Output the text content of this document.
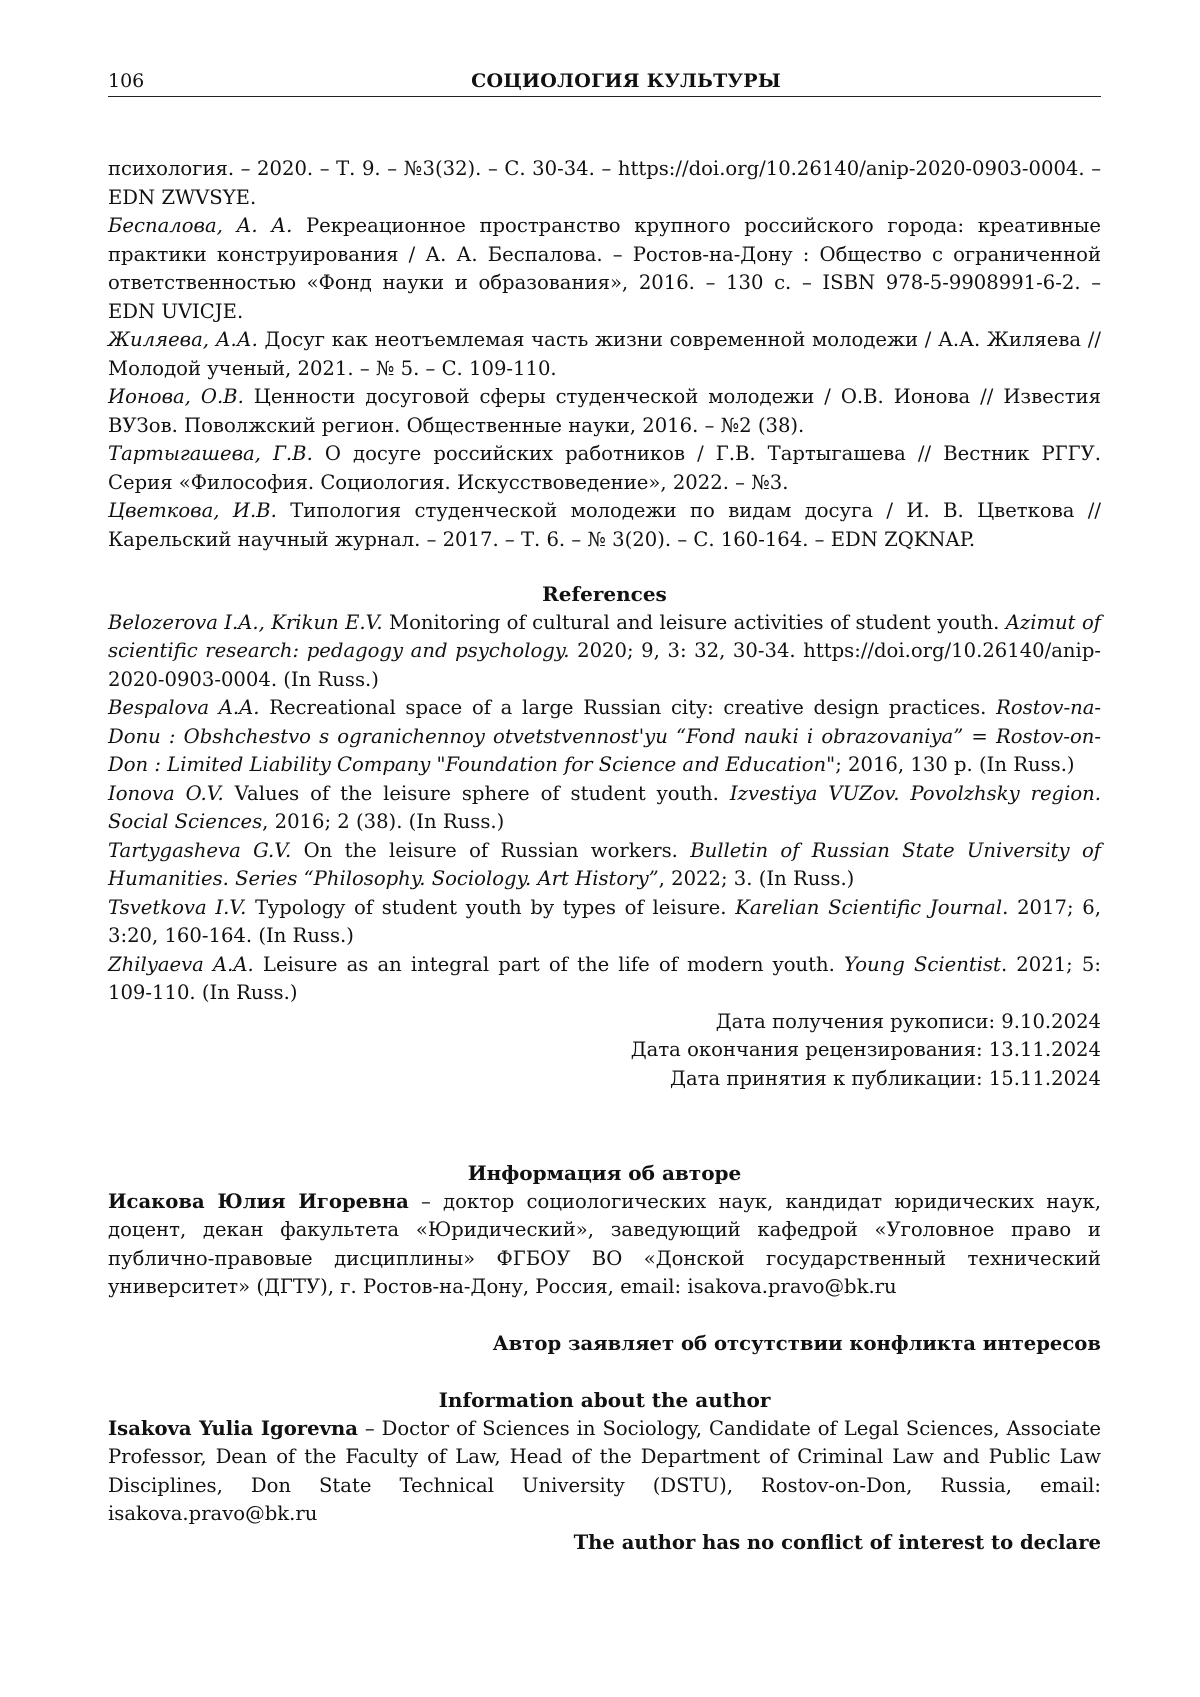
106	СОЦИОЛОГИЯ КУЛЬТУРЫ

психология. – 2020. – Т. 9. – №3(32). – С. 30-34. – https://doi.org/10.26140/anip-2020-0903-0004. – EDN ZWVSYE.

Беспалова, А. А. Рекреационное пространство крупного российского города: креативные практики конструирования / А. А. Беспалова. – Ростов-на-Дону : Общество с ограниченной ответственностью «Фонд науки и образования», 2016. – 130 с. – ISBN 978-5-9908991-6-2. – EDN UVICJE.

Жиляева, А.А. Досуг как неотъемлемая часть жизни современной молодежи / А.А. Жиляева // Молодой ученый, 2021. – № 5. – С. 109-110.

Ионова, О.В. Ценности досуговой сферы студенческой молодежи / О.В. Ионова // Известия ВУЗов. Поволжский регион. Общественные науки, 2016. – №2 (38).

Тартыгашева, Г.В. О досуге российских работников / Г.В. Тартыгашева // Вестник РГГУ. Серия «Философия. Социология. Искусствоведение», 2022. – №3.

Цветкова, И.В. Типология студенческой молодежи по видам досуга / И. В. Цветкова // Карельский научный журнал. – 2017. – Т. 6. – № 3(20). – С. 160-164. – EDN ZQKNAP.

References

Belozerova I.A., Krikun E.V. Monitoring of cultural and leisure activities of student youth. Azimut of scientific research: pedagogy and psychology. 2020; 9, 3: 32, 30-34. https://doi.org/10.26140/anip-2020-0903-0004. (In Russ.)

Bespalova A.A. Recreational space of a large Russian city: creative design practices. Rostov-na-Donu : Obshchestvo s ogranichennoy otvetstvennost'yu “Fond nauki i obrazovaniya” = Rostov-on-Don : Limited Liability Company "Foundation for Science and Education"; 2016, 130 p. (In Russ.)

Ionova O.V. Values of the leisure sphere of student youth. Izvestiya VUZov. Povolzhsky region. Social Sciences, 2016; 2 (38). (In Russ.)

Tartygasheva G.V. On the leisure of Russian workers. Bulletin of Russian State University of Humanities. Series “Philosophy. Sociology. Art History”, 2022; 3. (In Russ.)

Tsvetkova I.V. Typology of student youth by types of leisure. Karelian Scientific Journal. 2017; 6, 3:20, 160-164. (In Russ.)

Zhilyaeva A.A. Leisure as an integral part of the life of modern youth. Young Scientist. 2021; 5: 109-110. (In Russ.)

Дата получения рукописи: 9.10.2024
Дата окончания рецензирования: 13.11.2024
Дата принятия к публикации: 15.11.2024
Информация об авторе

Исакова Юлия Игоревна – доктор социологических наук, кандидат юридических наук, доцент, декан факультета «Юридический», заведующий кафедрой «Уголовное право и публично-правовые дисциплины» ФГБОУ ВО «Донской государственный технический университет» (ДГТУ), г. Ростов-на-Дону, Россия, email: isakova.pravo@bk.ru

Автор заявляет об отсутствии конфликта интересов
Information about the author

Isakova Yulia Igorevna – Doctor of Sciences in Sociology, Candidate of Legal Sciences, Associate Professor, Dean of the Faculty of Law, Head of the Department of Criminal Law and Public Law Disciplines, Don State Technical University (DSTU), Rostov-on-Don, Russia, email: isakova.pravo@bk.ru

The author has no conflict of interest to declare
